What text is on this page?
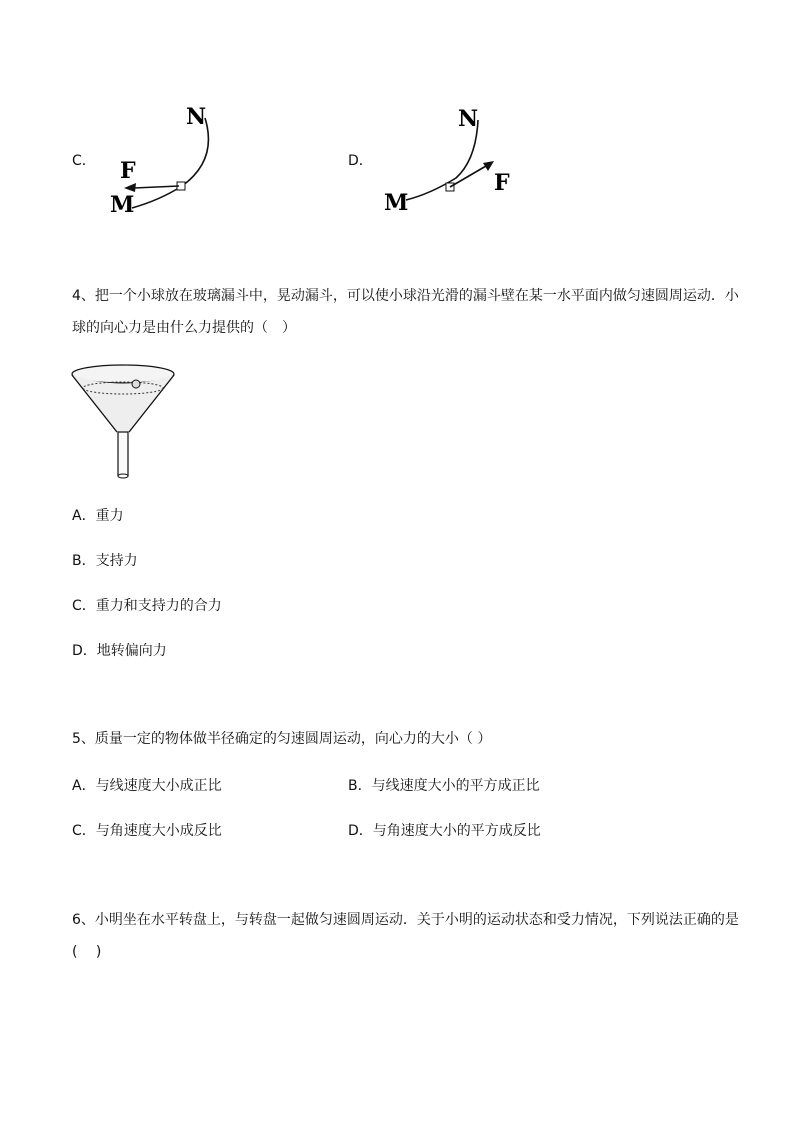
C．
N
F
M
D．
N
F
M
4、把一个小球放在玻璃漏斗中，晃动漏斗，可以使小球沿光滑的漏斗壁在某一水平面内做匀速圆周运动．小球的向心力是由什么力提供的（　）
A．重力
B．支持力
C．重力和支持力的合力
D．地转偏向力
5、质量一定的物体做半径确定的匀速圆周运动，向心力的大小（ ）
A．与线速度大小成正比	B．与线速度大小的平方成正比
C．与角速度大小成反比	D．与角速度大小的平方成反比
6、小明坐在水平转盘上，与转盘一起做匀速圆周运动．关于小明的运动状态和受力情况，下列说法正确的是(　 )
